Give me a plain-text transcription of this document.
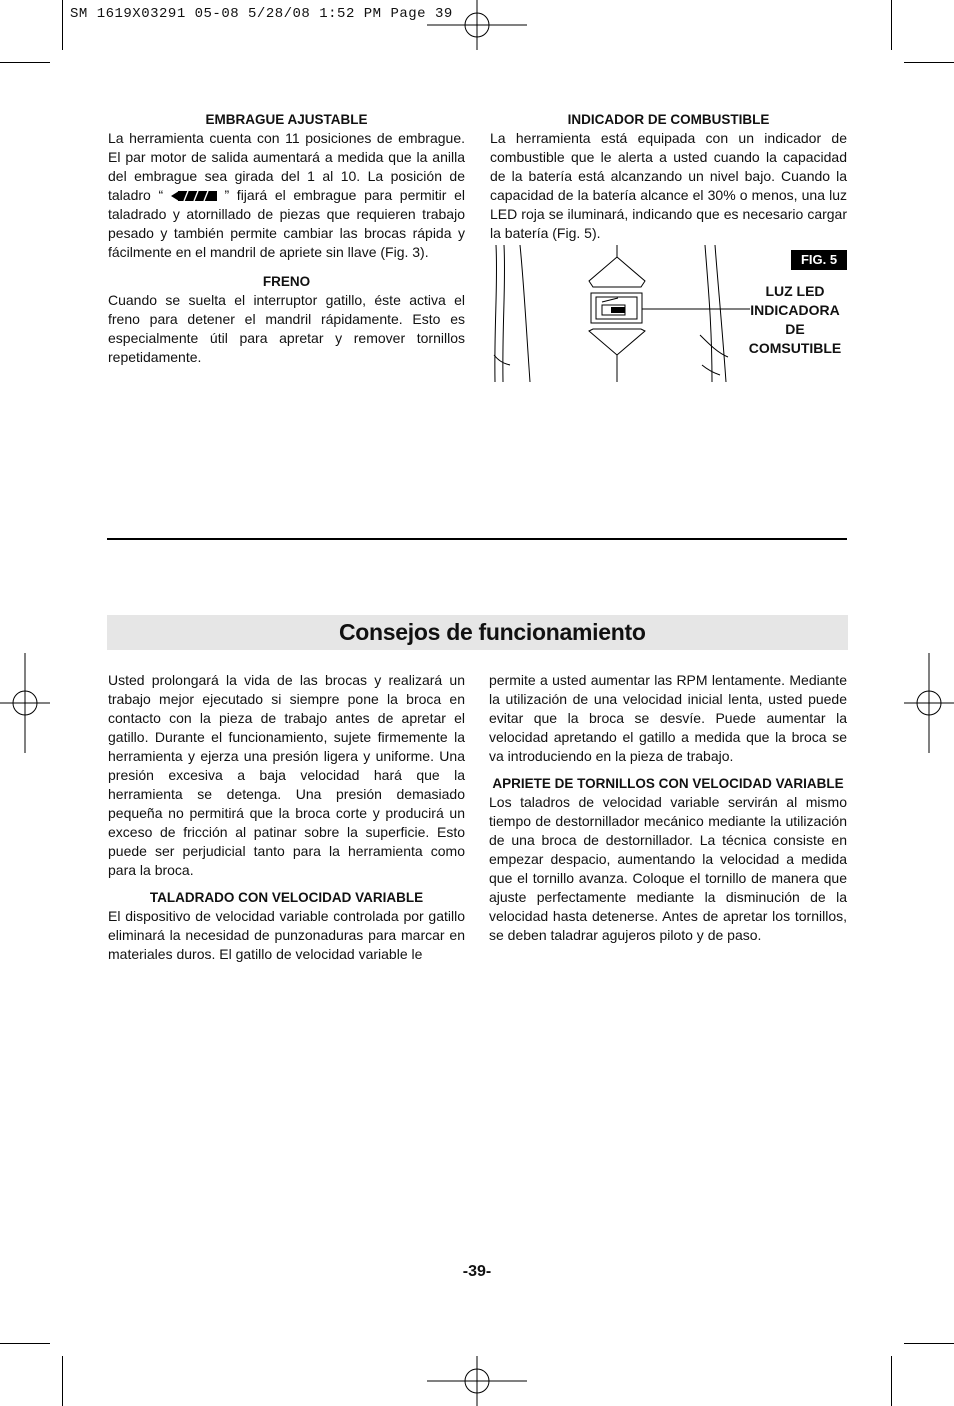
SM 1619X03291 05-08 5/28/08 1:52 PM Page 39
EMBRAGUE AJUSTABLE

La herramienta cuenta con 11 posiciones de embrague. El par motor de salida aumentará a medida que la anilla del embrague sea girada del 1 al 10. La posición de taladro “	” fijará el embrague para permitir el taladrado y atornillado de piezas que requieren trabajo pesado y también permite cambiar las brocas rápida y fácilmente en el mandril de apriete sin llave (Fig. 3).

FRENO

Cuando se suelta el interruptor gatillo, éste activa el freno para detener el mandril rápidamente. Esto es especialmente útil para apretar y remover tornillos repetidamente.

INDICADOR DE COMBUSTIBLE

La herramienta está equipada con un indicador de combustible que le alerta a usted cuando la capacidad de la batería está alcanzando un nivel bajo. Cuando la capacidad de la batería alcance el 30% o menos, una luz LED roja se iluminará, indicando que es necesario cargar la batería (Fig. 5).

FIG. 5
LUZ LED
INDICADORA
DE
COMSUTIBLE
Consejos de funcionamiento

Usted prolongará la vida de las brocas y realizará un trabajo mejor ejecutado si siempre pone la broca en contacto con la pieza de trabajo antes de apretar el gatillo. Durante el funcionamiento, sujete firmemente la herramienta y ejerza una presión ligera y uniforme. Una presión excesiva a baja velocidad hará que la herramienta se detenga. Una presión demasiado pequeña no permitirá que la broca corte y producirá un exceso de fricción al patinar sobre la superficie. Esto puede ser perjudicial tanto para la herramienta como para la broca.

TALADRADO CON VELOCIDAD VARIABLE

El dispositivo de velocidad variable controlada por gatillo eliminará la necesidad de punzonaduras para marcar en materiales duros. El gatillo de velocidad variable le

permite a usted aumentar las RPM lentamente. Mediante la utilización de una velocidad inicial lenta, usted puede evitar que la broca se desvíe. Puede aumentar la velocidad apretando el gatillo a medida que la broca se va introduciendo en la pieza de trabajo.

APRIETE DE TORNILLOS CON VELOCIDAD VARIABLE

Los taladros de velocidad variable servirán al mismo tiempo de destornillador mecánico mediante la utilización de una broca de destornillador. La técnica consiste en empezar despacio, aumentando la velocidad a medida que el tornillo avanza. Coloque el tornillo de manera que ajuste perfectamente mediante la disminución de la velocidad hasta detenerse. Antes de apretar los tornillos, se deben taladrar agujeros piloto y de paso.

-39-
